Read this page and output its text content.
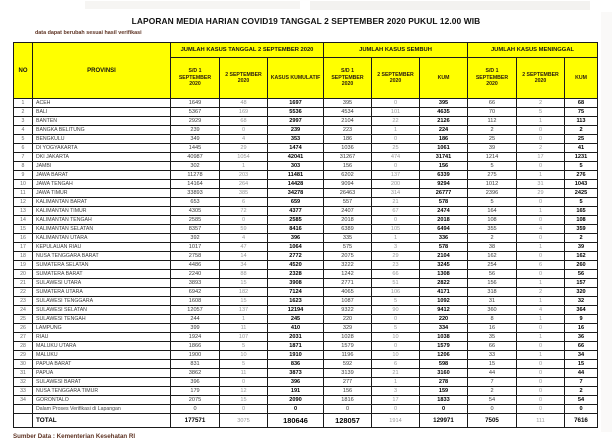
LAPORAN MEDIA HARIAN COVID19 TANGGAL 2 SEPTEMBER 2020 PUKUL 12.00 WIB
data dapat berubah sesuai hasil verifikasi
NO	PROVINSI	JUMLAH KASUS TANGGAL 2 SEPTEMBER 2020			JUMLAH KASUS SEMBUH			JUMLAH KASUS MENINGGAL		
		S/D 1 SEPTEMBER 2020	2 SEPTEMBER 2020	KASUS KUMULATIF	S/D 1 SEPTEMBER 2020	2 SEPTEMBER 2020	KUM	S/D 1 SEPTEMBER 2020	2 SEPTEMBER 2020	KUM
1	ACEH	1649	48	1697	395	0	395	66	2	68
2	BALI	5367	169	5536	4534	101	4635	70	5	75
3	BANTEN	2929	68	2997	2104	22	2126	112	1	113
4	BANGKA BELITUNG	239	0	239	223	1	224	2	0	2
5	BENGKULU	349	4	353	186	0	186	25	0	25
6	DI YOGYAKARTA	1445	29	1474	1036	25	1061	39	2	41
7	DKI JAKARTA	40987	1054	42041	31267	474	31741	1214	17	1231
8	JAMBI	302	1	303	156	0	156	5	0	5
9	JAWA BARAT	11278	203	11481	6202	137	6339	275	1	276
10	JAWA TENGAH	14164	264	14428	9094	200	9294	1012	31	1043
11	JAWA TIMUR	33893	385	34278	26463	314	26777	2396	29	2425
12	KALIMANTAN BARAT	653	6	659	557	21	578	5	0	5
13	KALIMANTAN TIMUR	4305	72	4377	2407	67	2474	164	1	165
14	KALIMANTAN TENGAH	2585	0	2585	2018	0	2018	108	0	108
15	KALIMANTAN SELATAN	8357	59	8416	6389	105	6494	355	4	359
16	KALIMANTAN UTARA	392	4	396	335	1	336	2	0	2
17	KEPULAUAN RIAU	1017	47	1064	575	3	578	38	1	39
18	NUSA TENGGARA BARAT	2758	14	2772	2075	29	2104	162	0	162
19	SUMATERA SELATAN	4486	34	4520	3222	23	3245	254	6	260
20	SUMATERA BARAT	2240	88	2328	1242	66	1308	56	0	56
21	SULAWESI UTARA	3893	15	3908	2771	51	2822	156	1	157
22	SUMATERA UTARA	6942	182	7124	4065	106	4171	318	2	320
23	SULAWESI TENGGARA	1608	15	1623	1087	5	1092	31	1	32
24	SULAWESI SELATAN	12057	137	12194	9322	90	9412	360	4	364
25	SULAWESI TENGAH	244	1	245	220	0	220	8	1	9
26	LAMPUNG	399	11	410	329	5	334	16	0	16
27	RIAU	1924	107	2031	1028	10	1038	35	1	36
28	MALUKU UTARA	1866	5	1871	1579	0	1579	66	0	66
29	MALUKU	1900	10	1910	1196	10	1206	33	1	34
30	PAPUA BARAT	831	5	836	592	6	598	15	0	15
31	PAPUA	3862	11	3873	3139	21	3160	44	0	44
32	SULAWESI BARAT	396	0	396	277	1	278	7	0	7
33	NUSA TENGGARA TIMUR	179	12	191	156	3	159	2	0	2
34	GORONTALO	2075	15	2090	1816	17	1833	54	0	54
	Dalam Proses Verifikasi di Lapangan	0	0	0	0	0	0	0	0	0
	TOTAL	177571	3075	180646	128057	1914	129971	7505	111	7616
Sumber Data : Kementerian Kesehatan RI
